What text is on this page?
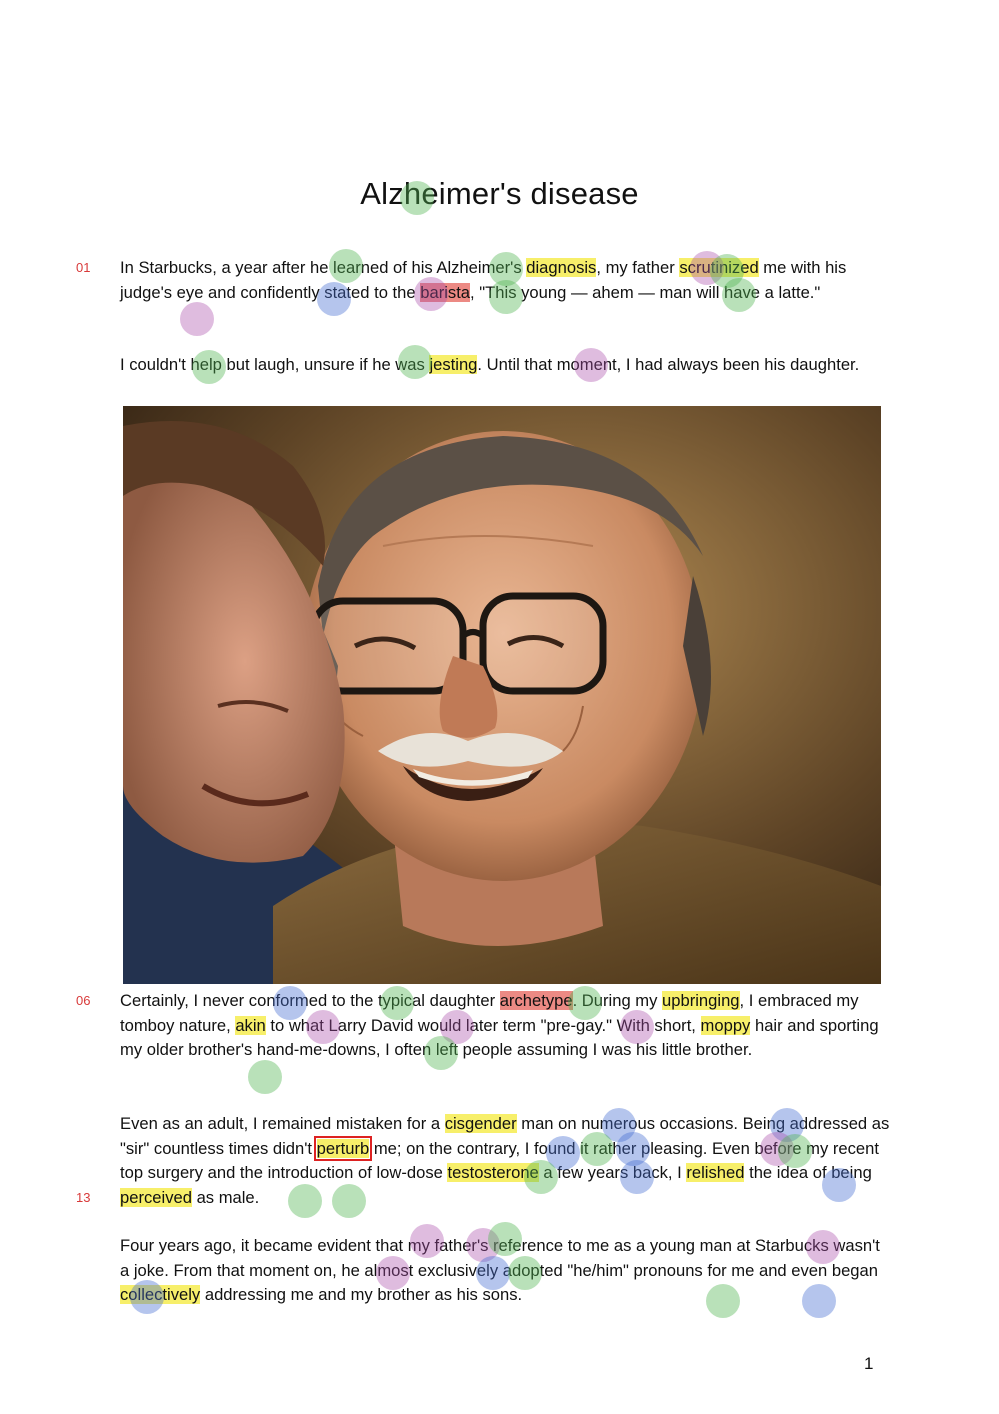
Alzheimer's disease
01
06
13

In Starbucks, a year after he learned of his Alzheimer's diagnosis, my father scrutinized me with his judge's eye and confidently stated to the barista, "This young — ahem — man will have a latte."

I couldn't help but laugh, unsure if he was jesting. Until that moment, I had always been his daughter.

Certainly, I never conformed to the typical daughter archetype. During my upbringing, I embraced my tomboy nature, akin to what Larry David would later term "pre-gay." With short, moppy hair and sporting my older brother's hand-me-downs, I often left people assuming I was his little brother.

Even as an adult, I remained mistaken for a cisgender man on numerous occasions. Being addressed as "sir" countless times didn't perturb me; on the contrary, I found it rather pleasing. Even before my recent top surgery and the introduction of low-dose testosterone a few years back, I relished the idea of being perceived as male.

Four years ago, it became evident that my father's reference to me as a young man at Starbucks wasn't a joke. From that moment on, he almost exclusively adopted "he/him" pronouns for me and even began collectively addressing me and my brother as his sons.

1
